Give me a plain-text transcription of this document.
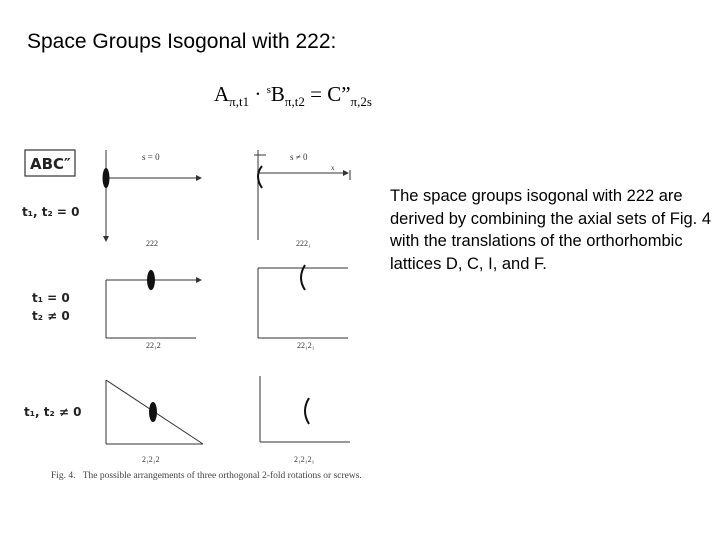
Space Groups Isogonal with 222:
$A_{\pi,t1} \cdot ^sB_{\pi,t2}$ = $C”_{\pi,2s}$
The space groups isogonal with 222 are derived by combining the axial sets of Fig. 4 with the translations of the orthorhombic lattices D, C, I, and F.
ABC″
t₁, t₂ = 0
t₁ = 0
t₂ ≠ 0
t₁, t₂ ≠ 0
s = 0	s ≠ 0
222
x
222₁
22₁2	22₁2₁
2₁2₁2	2₁2₁2₁
Fig. 4. The possible arrangements of three orthogonal 2-fold rotations or screws.
